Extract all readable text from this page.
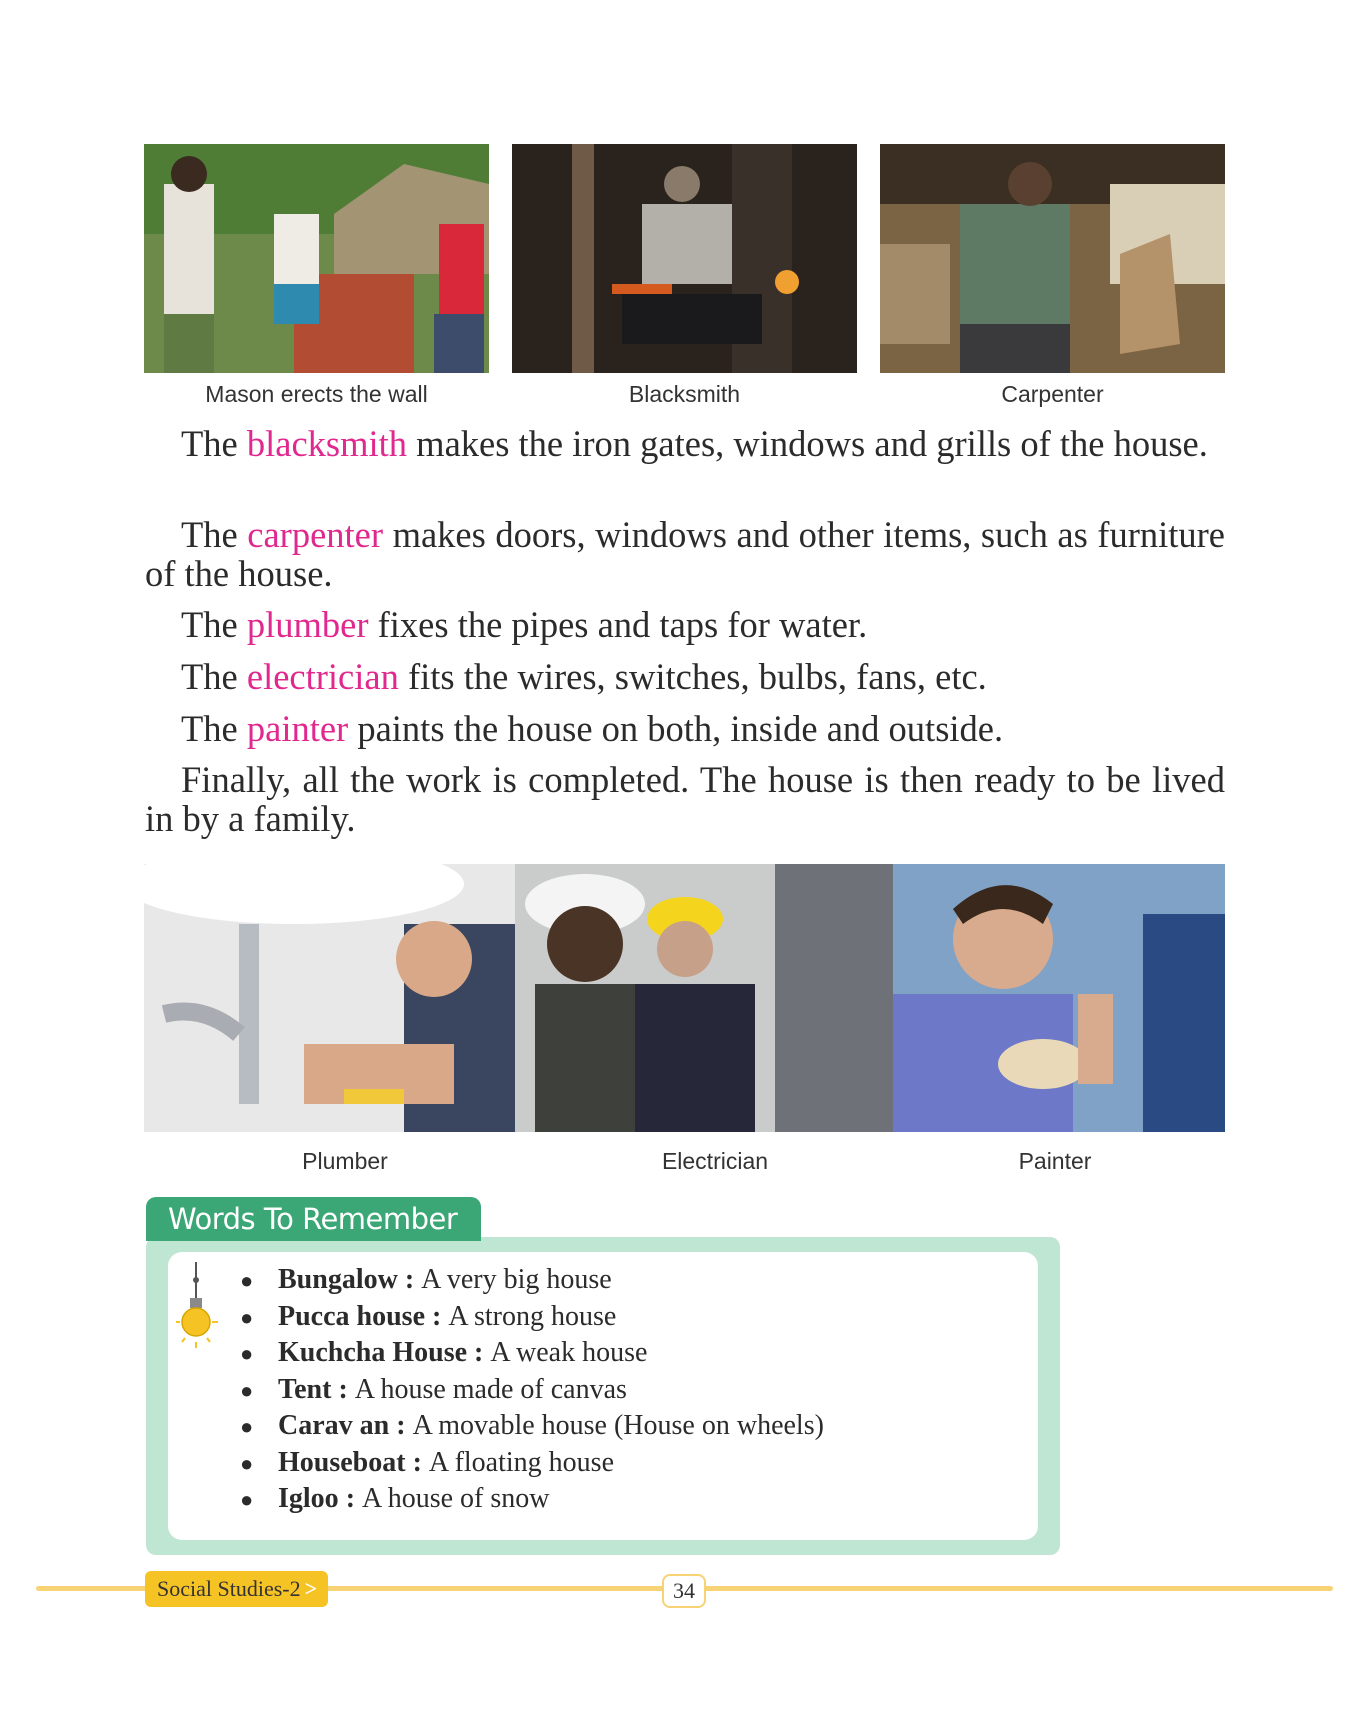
Mason erects the wall	Blacksmith	Carpenter

The blacksmith makes the iron gates, windows and grills of the house.

The carpenter makes doors, windows and other items, such as furniture of the house.

The plumber fixes the pipes and taps for water.

The electrician fits the wires, switches, bulbs, fans, etc.

The painter paints the house on both, inside and outside.

Finally, all the work is completed. The house is then ready to be lived in by a family.

Plumber	Electrician	Painter
Words To Remember
● Bungalow : A very big house
● Pucca house : A strong house
● Kuchcha House : A weak house
● Tent : A house made of canvas
● Carav an : A movable house (House on wheels)
● Houseboat : A floating house
● Igloo : A house of snow
Social Studies-2 >	34
